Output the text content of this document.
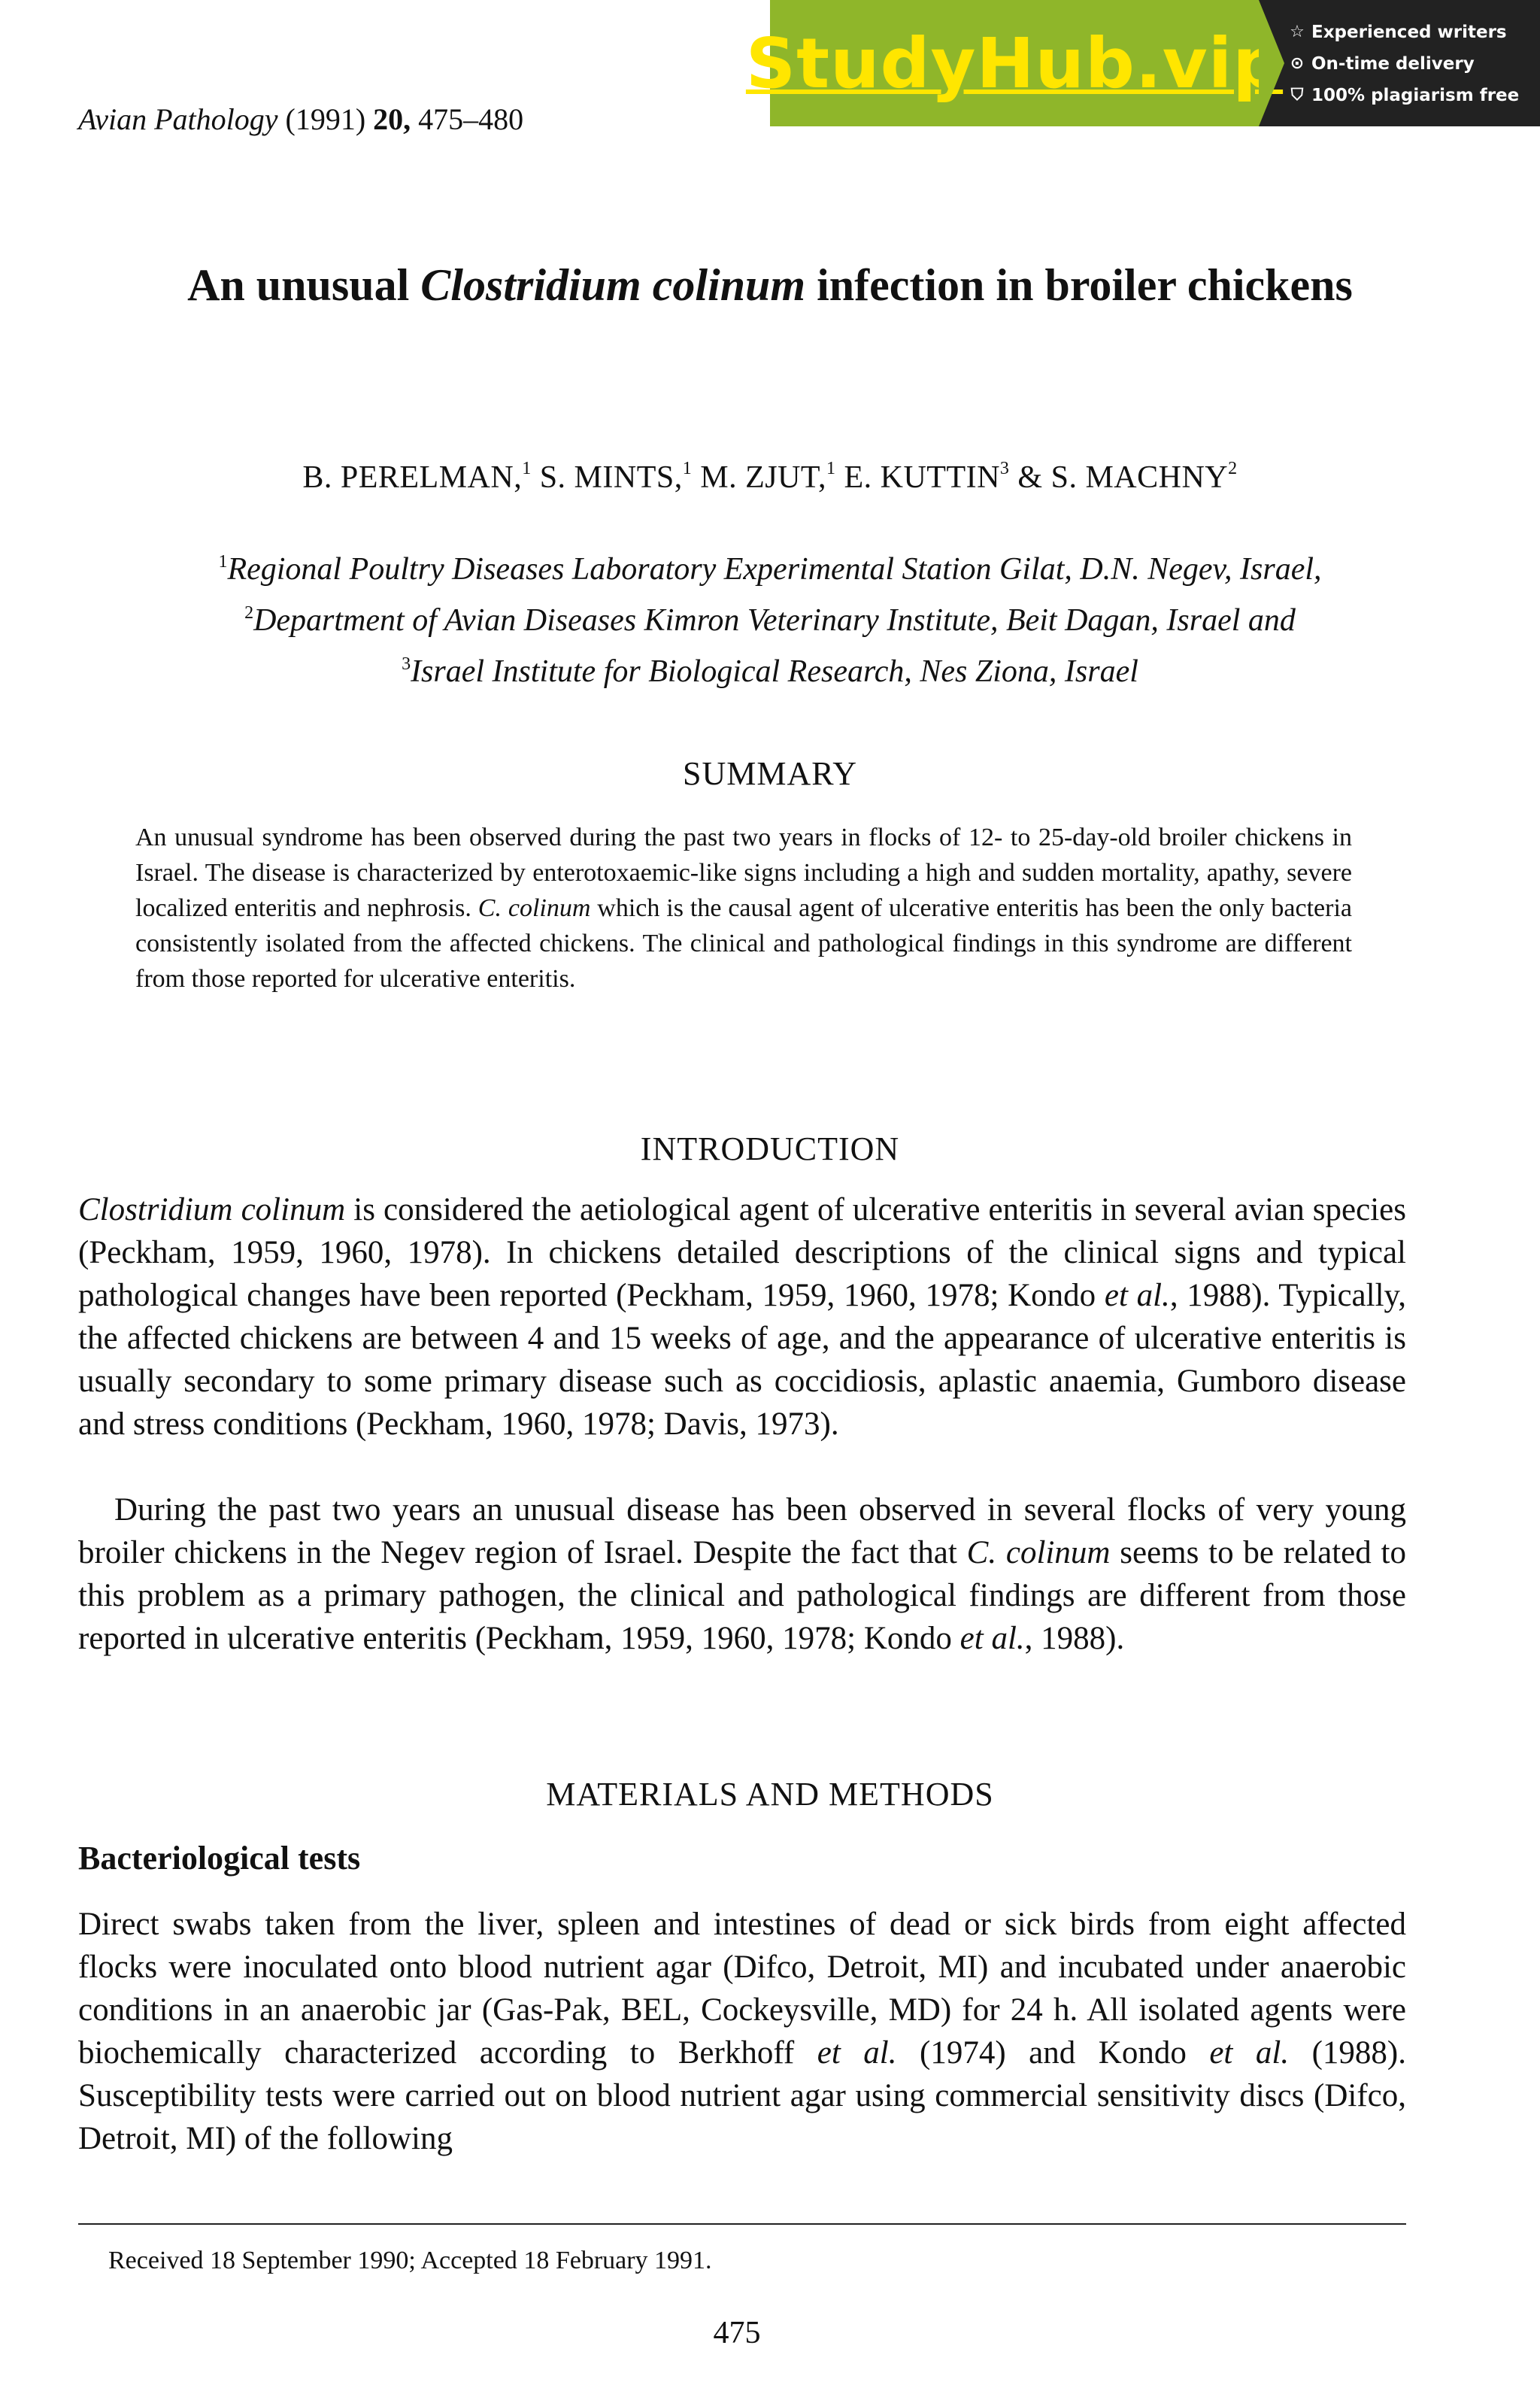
StudyHub.vip ☆ Experienced writers
⊙ On-time delivery
⛉ 100% plagiarism free
Avian Pathology (1991) 20, 475–480
An unusual Clostridium colinum infection in broiler chickens
B. PERELMAN,$^1$ S. MINTS,$^1$ M. ZJUT,$^1$ E. KUTTIN$^3$ & S. MACHNY$^2$
$^1$Regional Poultry Diseases Laboratory Experimental Station Gilat, D.N. Negev, Israel,
$^2$Department of Avian Diseases Kimron Veterinary Institute, Beit Dagan, Israel and
$^3$Israel Institute for Biological Research, Nes Ziona, Israel
SUMMARY

An unusual syndrome has been observed during the past two years in flocks of 12- to 25-day-old broiler chickens in Israel. The disease is characterized by enterotoxaemic-like signs including a high and sudden mortality, apathy, severe localized enteritis and nephrosis. C. colinum which is the causal agent of ulcerative enteritis has been the only bacteria consistently isolated from the affected chickens. The clinical and pathological findings in this syndrome are different from those reported for ulcerative enteritis.

INTRODUCTION

Clostridium colinum is considered the aetiological agent of ulcerative enteritis in several avian species (Peckham, 1959, 1960, 1978). In chickens detailed descriptions of the clinical signs and typical pathological changes have been reported (Peckham, 1959, 1960, 1978; Kondo et al., 1988). Typically, the affected chickens are between 4 and 15 weeks of age, and the appearance of ulcerative enteritis is usually secondary to some primary disease such as coccidiosis, aplastic anaemia, Gumboro disease and stress conditions (Peckham, 1960, 1978; Davis, 1973).

During the past two years an unusual disease has been observed in several flocks of very young broiler chickens in the Negev region of Israel. Despite the fact that C. colinum seems to be related to this problem as a primary pathogen, the clinical and pathological findings are different from those reported in ulcerative enteritis (Peckham, 1959, 1960, 1978; Kondo et al., 1988).

MATERIALS AND METHODS
Bacteriological tests

Direct swabs taken from the liver, spleen and intestines of dead or sick birds from eight affected flocks were inoculated onto blood nutrient agar (Difco, Detroit, MI) and incubated under anaerobic conditions in an anaerobic jar (Gas-Pak, BEL, Cockeysville, MD) for 24 h. All isolated agents were biochemically characterized according to Berkhoff et al. (1974) and Kondo et al. (1988). Susceptibility tests were carried out on blood nutrient agar using commercial sensitivity discs (Difco, Detroit, MI) of the following

Received 18 September 1990; Accepted 18 February 1991.
475
